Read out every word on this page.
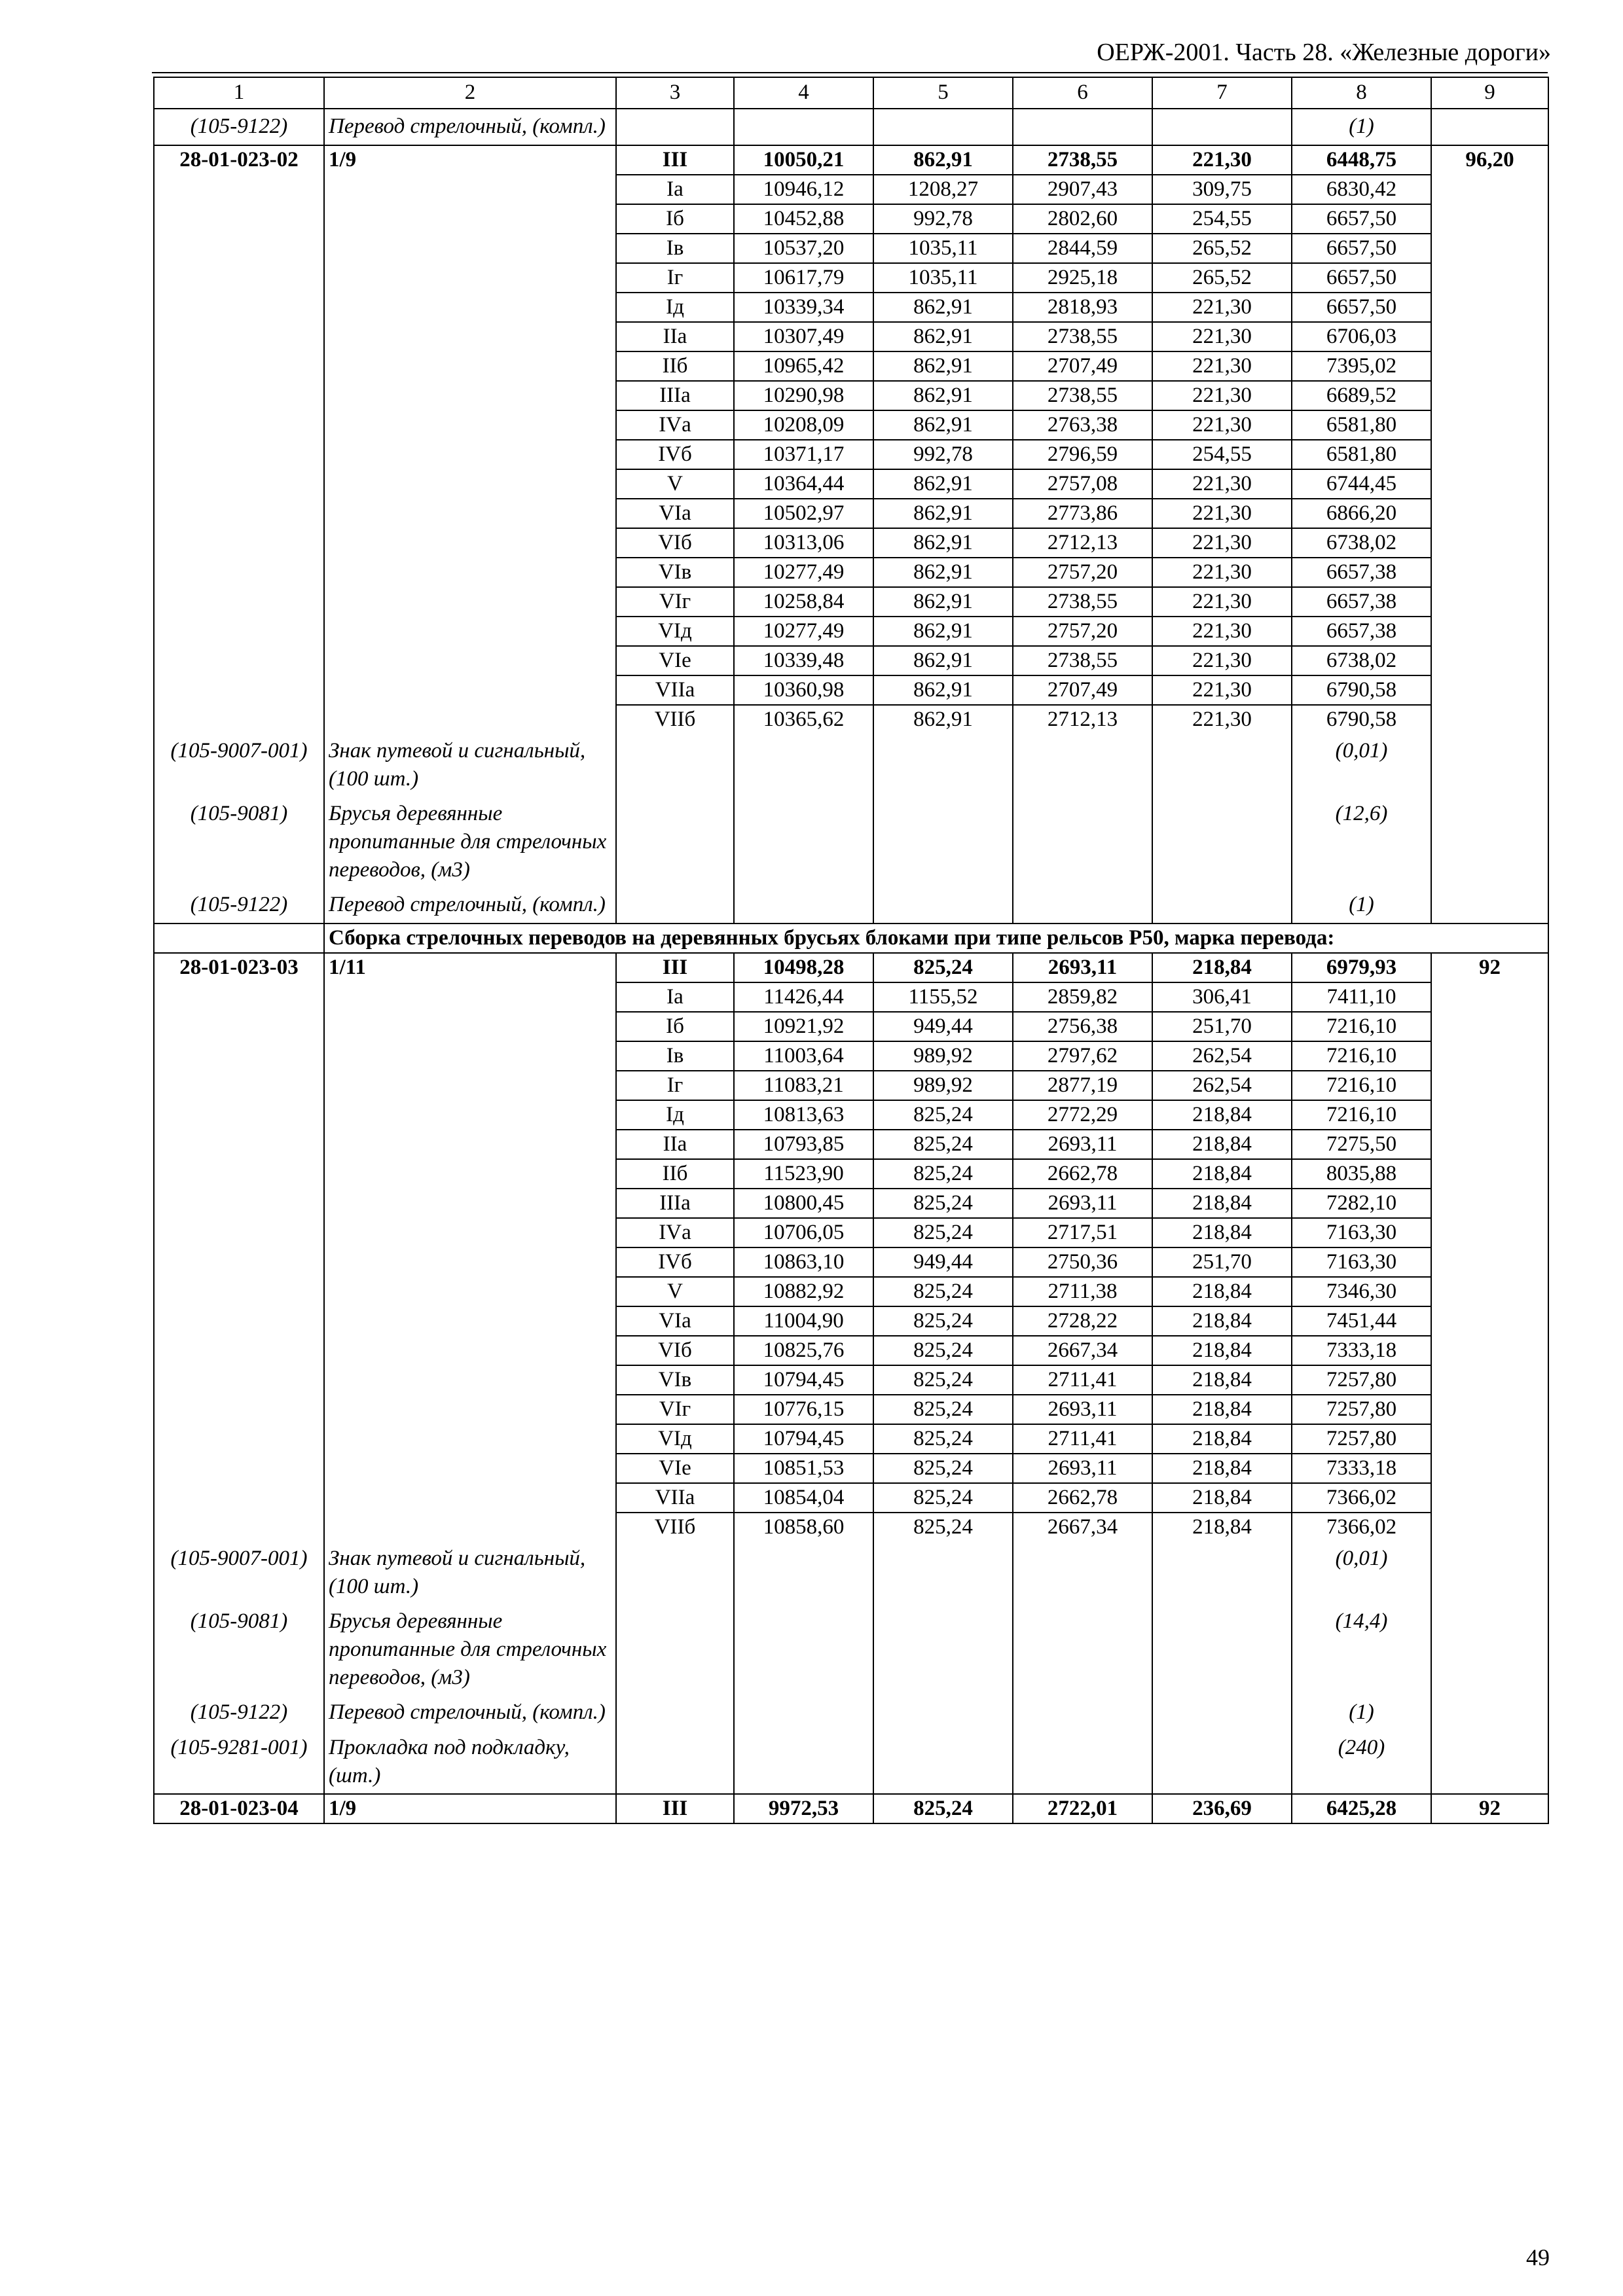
ОЕРЖ-2001. Часть 28. «Железные дороги»
1	2	3	4	5	6	7	8	9
(105-9122)	Перевод стрелочный, (компл.)						(1)	
28-01-023-02	1/9	III	10050,21	862,91	2738,55	221,30	6448,75	96,20
		Iа	10946,12	1208,27	2907,43	309,75	6830,42	
		Iб	10452,88	992,78	2802,60	254,55	6657,50	
		Iв	10537,20	1035,11	2844,59	265,52	6657,50	
		Iг	10617,79	1035,11	2925,18	265,52	6657,50	
		Iд	10339,34	862,91	2818,93	221,30	6657,50	
		IIа	10307,49	862,91	2738,55	221,30	6706,03	
		IIб	10965,42	862,91	2707,49	221,30	7395,02	
		IIIа	10290,98	862,91	2738,55	221,30	6689,52	
		IVа	10208,09	862,91	2763,38	221,30	6581,80	
		IVб	10371,17	992,78	2796,59	254,55	6581,80	
		V	10364,44	862,91	2757,08	221,30	6744,45	
		VIа	10502,97	862,91	2773,86	221,30	6866,20	
		VIб	10313,06	862,91	2712,13	221,30	6738,02	
		VIв	10277,49	862,91	2757,20	221,30	6657,38	
		VIг	10258,84	862,91	2738,55	221,30	6657,38	
		VIд	10277,49	862,91	2757,20	221,30	6657,38	
		VIе	10339,48	862,91	2738,55	221,30	6738,02	
		VIIа	10360,98	862,91	2707,49	221,30	6790,58	
		VIIб	10365,62	862,91	2712,13	221,30	6790,58	
(105-9007-001)	Знак путевой и сигнальный, (100 шт.)						(0,01)	
(105-9081)	Брусья деревянные пропитанные для стрелочных переводов, (м3)						(12,6)	
(105-9122)	Перевод стрелочный, (компл.)						(1)	
	Сборка стрелочных переводов на деревянных брусьях блоками при типе рельсов Р50, марка перевода:							
28-01-023-03	1/11	III	10498,28	825,24	2693,11	218,84	6979,93	92
		Iа	11426,44	1155,52	2859,82	306,41	7411,10	
		Iб	10921,92	949,44	2756,38	251,70	7216,10	
		Iв	11003,64	989,92	2797,62	262,54	7216,10	
		Iг	11083,21	989,92	2877,19	262,54	7216,10	
		Iд	10813,63	825,24	2772,29	218,84	7216,10	
		IIа	10793,85	825,24	2693,11	218,84	7275,50	
		IIб	11523,90	825,24	2662,78	218,84	8035,88	
		IIIа	10800,45	825,24	2693,11	218,84	7282,10	
		IVа	10706,05	825,24	2717,51	218,84	7163,30	
		IVб	10863,10	949,44	2750,36	251,70	7163,30	
		V	10882,92	825,24	2711,38	218,84	7346,30	
		VIа	11004,90	825,24	2728,22	218,84	7451,44	
		VIб	10825,76	825,24	2667,34	218,84	7333,18	
		VIв	10794,45	825,24	2711,41	218,84	7257,80	
		VIг	10776,15	825,24	2693,11	218,84	7257,80	
		VIд	10794,45	825,24	2711,41	218,84	7257,80	
		VIе	10851,53	825,24	2693,11	218,84	7333,18	
		VIIа	10854,04	825,24	2662,78	218,84	7366,02	
		VIIб	10858,60	825,24	2667,34	218,84	7366,02	
(105-9007-001)	Знак путевой и сигнальный, (100 шт.)						(0,01)	
(105-9081)	Брусья деревянные пропитанные для стрелочных переводов, (м3)						(14,4)	
(105-9122)	Перевод стрелочный, (компл.)						(1)	
(105-9281-001)	Прокладка под подкладку, (шт.)						(240)	
28-01-023-04	1/9	III	9972,53	825,24	2722,01	236,69	6425,28	92
49
